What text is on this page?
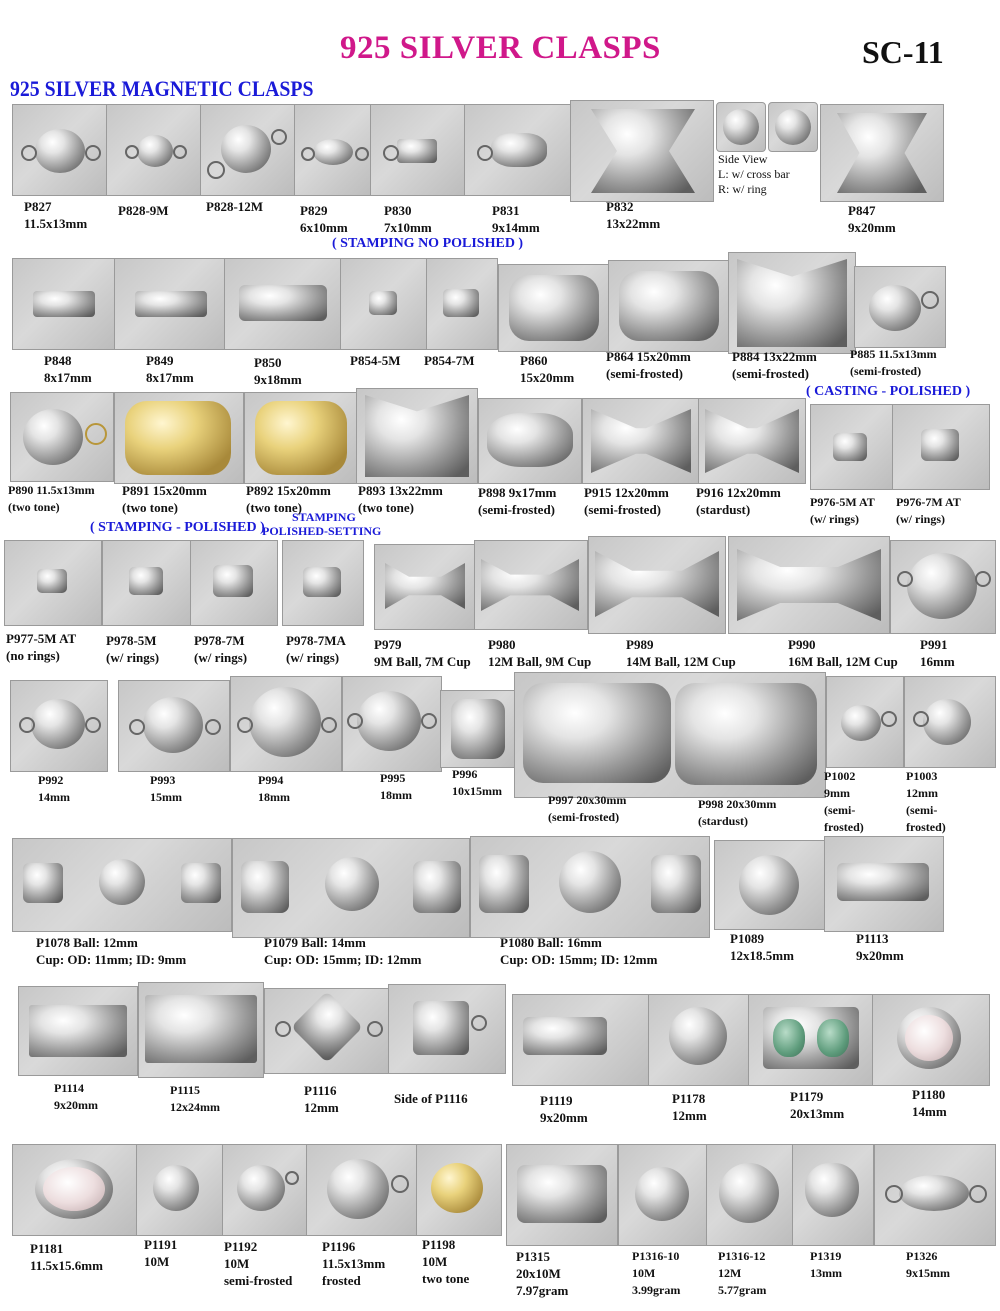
925 SILVER CLASPS	SC-11
925 SILVER MAGNETIC CLASPS
( STAMPING NO POLISHED )
( CASTING - POLISHED )
( STAMPING - POLISHED )
STAMPING
POLISHED-SETTING
P827
11.5x13mm
P828-9M	P828-12M	P829
6x10mm
P830
7x10mm
P831
9x14mm
P832
13x22mm
Side View
L: w/ cross bar
R: w/ ring
P847
9x20mm
P848
8x17mm
P849
8x17mm
P850
9x18mm
P854-5M P854-7M	P860
15x20mm
P864 15x20mm
(semi-frosted)
P884 13x22mm
(semi-frosted)
P885 11.5x13mm
(semi-frosted)
P890 11.5x13mm
(two tone)
P891 15x20mm
(two tone)
P892 15x20mm
(two tone)
P893 13x22mm
(two tone)
P898 9x17mm
(semi-frosted)
P915 12x20mm
(semi-frosted)
P916 12x20mm
(stardust)	P976-5M AT
(w/ rings)
P976-7M AT
(w/ rings)
P977-5M AT
(no rings)
P978-5M
(w/ rings)
P978-7M
(w/ rings)
P978-7MA
(w/ rings)
P979
9M Ball, 7M Cup
P980
12M Ball, 9M Cup
P989
14M Ball, 12M Cup
P990
16M Ball, 12M Cup
P991
16mm
P992
14mm
P993
15mm
P994
18mm
P995
18mm
P996
10x15mm
P997 20x30mm
(semi-frosted)
P998 20x30mm
(stardust)
P1002
9mm
(semi-
frosted)
P1003
12mm
(semi-
frosted)
P1078 Ball: 12mm
Cup: OD: 11mm; ID: 9mm
P1079 Ball: 14mm
Cup: OD: 15mm; ID: 12mm
P1080 Ball: 16mm
Cup: OD: 15mm; ID: 12mm
P1089
12x18.5mm
P1113
9x20mm
P1114
9x20mm
P1115
12x24mm
P1116
12mm
Side of P1116	P1119
9x20mm
P1178
12mm
P1179
20x13mm
P1180
14mm
P1181
11.5x15.6mm
P1191
10M
P1192
10M
semi-frosted
P1196
11.5x13mm
frosted
P1198
10M
two tone
P1315
20x10M
7.97gram
P1316-10
10M
3.99gram
P1316-12
12M
5.77gram
P1319
13mm
P1326
9x15mm
